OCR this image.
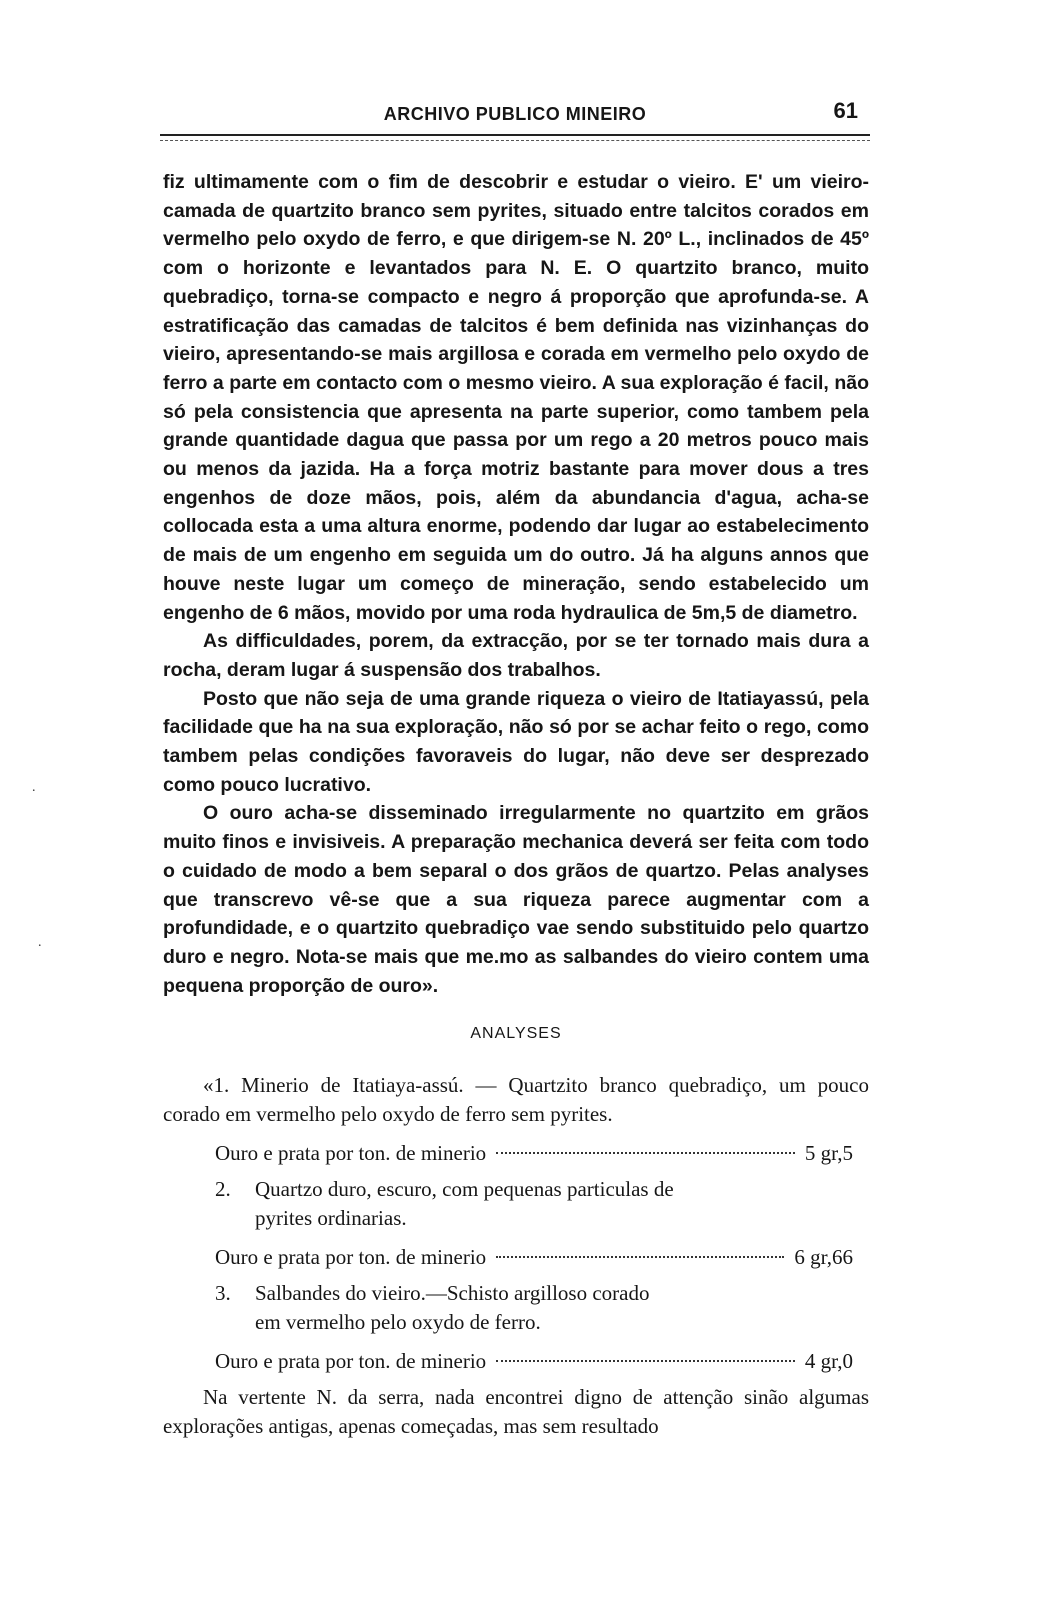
ARCHIVO PUBLICO MINEIRO	61

fiz ultimamente com o fim de descobrir e estudar o vieiro. E' um vieiro-camada de quartzito branco sem pyrites, situado entre talcitos corados em vermelho pelo oxydo de ferro, e que dirigem-se N. 20º L., inclinados de 45º com o horizonte e levantados para N. E. O quartzito branco, muito quebradiço, torna-se compacto e negro á proporção que aprofunda-se. A estratificação das camadas de talcitos é bem definida nas vizinhanças do vieiro, apresentando-se mais argillosa e corada em vermelho pelo oxydo de ferro a parte em contacto com o mesmo vieiro. A sua exploração é facil, não só pela consistencia que apresenta na parte superior, como tambem pela grande quantidade dagua que passa por um rego a 20 metros pouco mais ou menos da jazida. Ha a força motriz bastante para mover dous a tres engenhos de doze mãos, pois, além da abundancia d'agua, acha-se collocada esta a uma altura enorme, podendo dar lugar ao estabelecimento de mais de um engenho em seguida um do outro. Já ha alguns annos que houve neste lugar um começo de mineração, sendo estabelecido um engenho de 6 mãos, movido por uma roda hydraulica de 5m,5 de diametro.

As difficuldades, porem, da extracção, por se ter tornado mais dura a rocha, deram lugar á suspensão dos trabalhos.

Posto que não seja de uma grande riqueza o vieiro de Itatiayassú, pela facilidade que ha na sua exploração, não só por se achar feito o rego, como tambem pelas condições favoraveis do lugar, não deve ser desprezado como pouco lucrativo.

O ouro acha-se disseminado irregularmente no quartzito em grãos muito finos e invisiveis. A preparação mechanica deverá ser feita com todo o cuidado de modo a bem separal o dos grãos de quartzo. Pelas analyses que transcrevo vê-se que a sua riqueza parece augmentar com a profundidade, e o quartzito quebradiço vae sendo substituido pelo quartzo duro e negro. Nota-se mais que me.mo as salbandes do vieiro contem uma pequena proporção de ouro».

ANALYSES

«1. Minerio de Itatiaya-assú. — Quartzito branco quebradiço, um pouco corado em vermelho pelo oxydo de ferro sem pyrites.

Ouro e prata por ton. de minerio	5 gr,5

2. Quartzo duro, escuro, com pequenas particulas de
pyrites ordinarias.

Ouro e prata por ton. de minerio	6 gr,66

3. Salbandes do vieiro.—Schisto argilloso corado
em vermelho pelo oxydo de ferro.

Ouro e prata por ton. de minerio	4 gr,0

Na vertente N. da serra, nada encontrei digno de attenção sinão algumas explorações antigas, apenas começadas, mas sem resultado

.
.
